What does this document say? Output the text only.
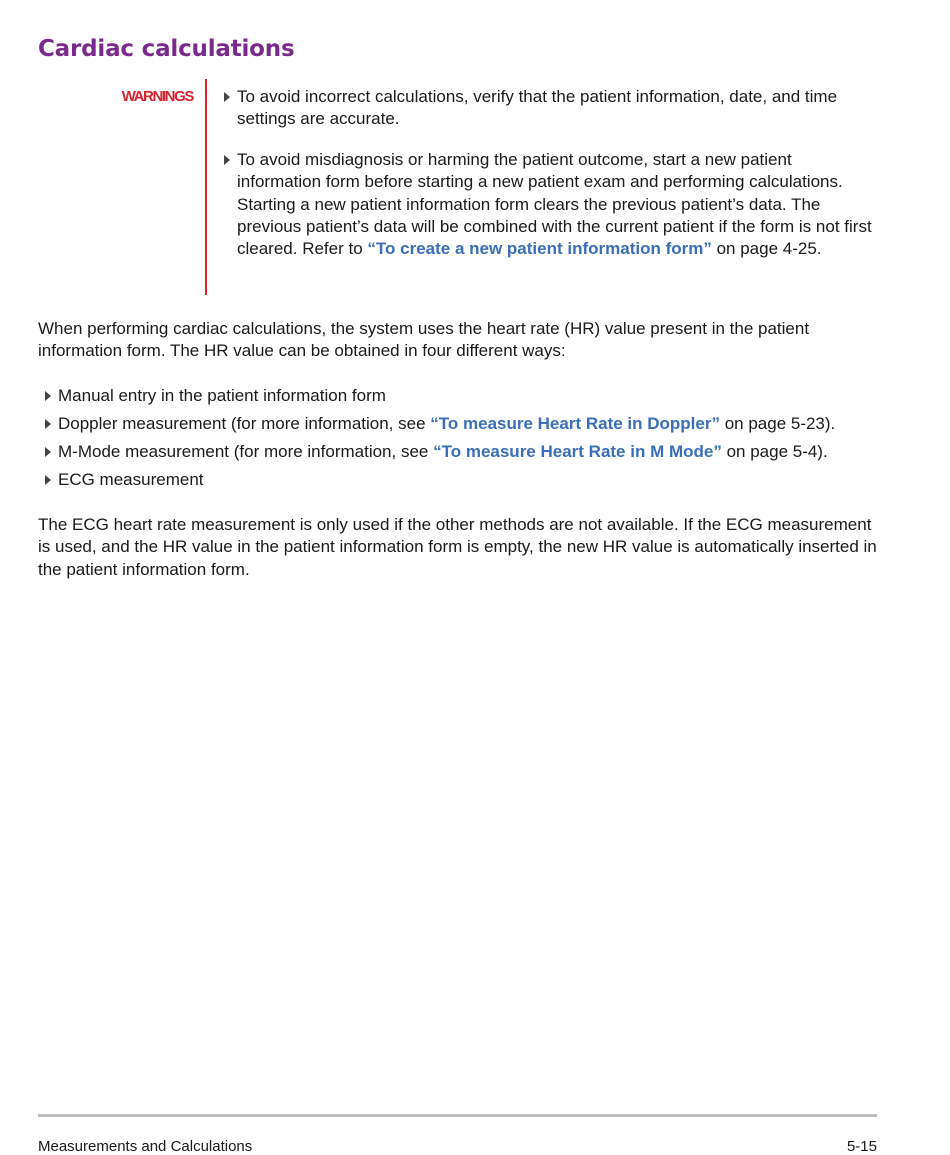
Cardiac calculations
WARNINGS	To avoid incorrect calculations, verify that the patient information, date, and time settings are accurate.
To avoid misdiagnosis or harming the patient outcome, start a new patient information form before starting a new patient exam and performing calculations. Starting a new patient information form clears the previous patient’s data. The previous patient’s data will be combined with the current patient if the form is not first cleared. Refer to “To create a new patient information form” on page 4-25.

When performing cardiac calculations, the system uses the heart rate (HR) value present in the patient information form. The HR value can be obtained in four different ways:

Manual entry in the patient information form
Doppler measurement (for more information, see “To measure Heart Rate in Doppler” on page 5-23).
M-Mode measurement (for more information, see “To measure Heart Rate in M Mode” on page 5-4).
ECG measurement

The ECG heart rate measurement is only used if the other methods are not available. If the ECG measurement is used, and the HR value in the patient information form is empty, the new HR value is automatically inserted in the patient information form.

Measurements and Calculations	5-15
